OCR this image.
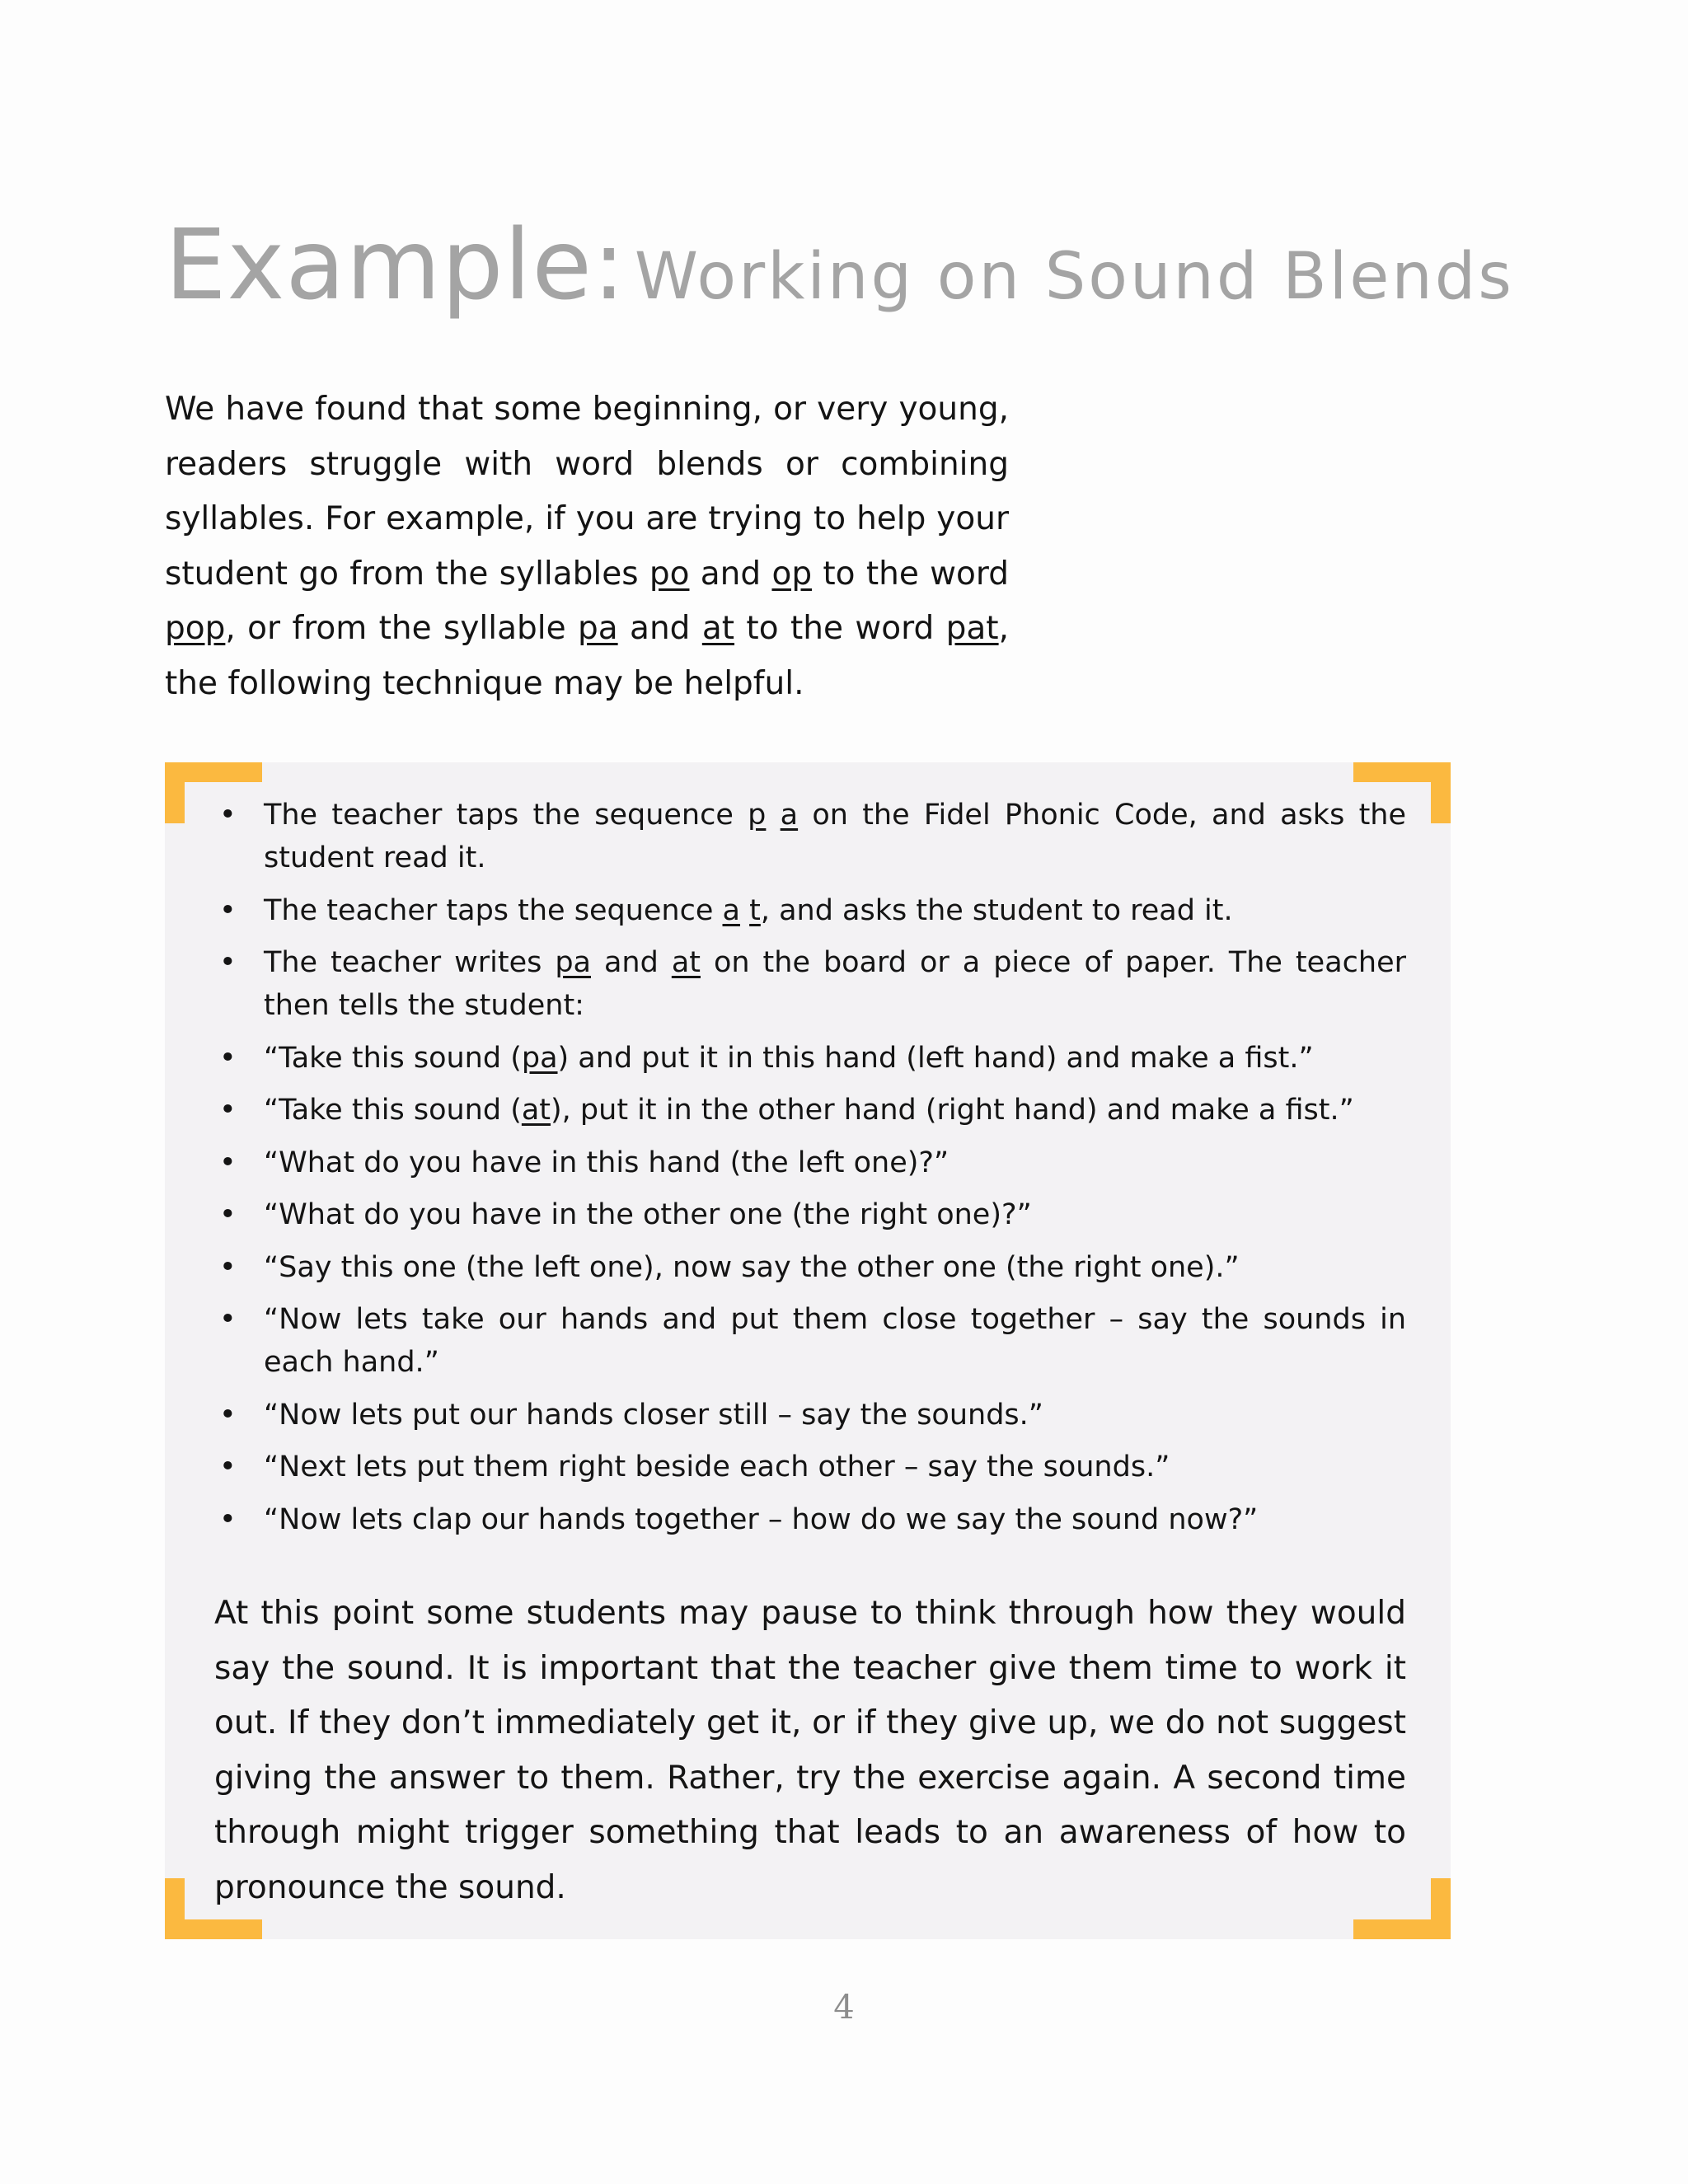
Example: Working on Sound Blends

We have found that some beginning, or very young, readers struggle with word blends or combining syllables. For example, if you are trying to help your student go from the syllables po and op to the word pop, or from the syllable pa and at to the word pat, the following technique may be helpful.

• The teacher taps the sequence p a on the Fidel Phonic Code, and asks the student read it.
• The teacher taps the sequence a t, and asks the student to read it.
• The teacher writes pa and at on the board or a piece of paper. The teacher then tells the student:
• “Take this sound (pa) and put it in this hand (left hand) and make a fist.”
• “Take this sound (at), put it in the other hand (right hand) and make a fist.”
• “What do you have in this hand (the left one)?”
• “What do you have in the other one (the right one)?”
• “Say this one (the left one), now say the other one (the right one).”
• “Now lets take our hands and put them close together – say the sounds in each hand.”
• “Now lets put our hands closer still – say the sounds.”
• “Next lets put them right beside each other – say the sounds.”
• “Now lets clap our hands together – how do we say the sound now?”

At this point some students may pause to think through how they would say the sound. It is important that the teacher give them time to work it out. If they don’t immediately get it, or if they give up, we do not suggest giving the answer to them. Rather, try the exercise again. A second time through might trigger something that leads to an awareness of how to pronounce the sound.

4
